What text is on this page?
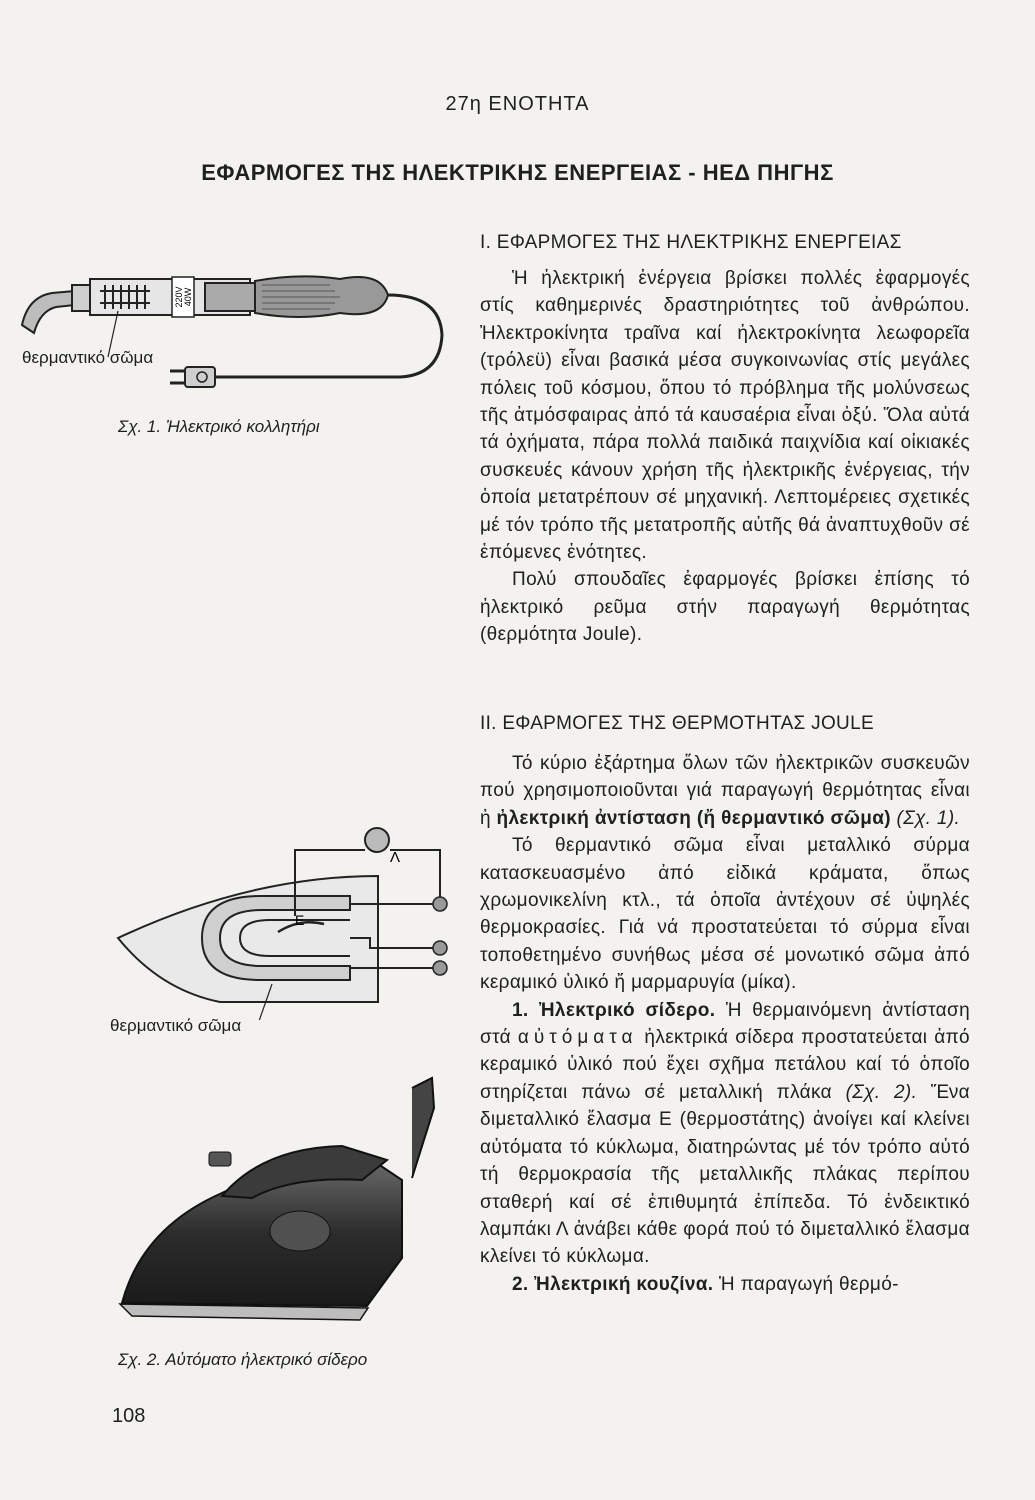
27η ΕΝΟΤΗΤΑ
ΕΦΑΡΜΟΓΕΣ ΤΗΣ ΗΛΕΚΤΡΙΚΗΣ ΕΝΕΡΓΕΙΑΣ - ΗΕΔ ΠΗΓΗΣ
220V 40W
θερμαντικό σῶμα
Σχ. 1. Ἠλεκτρικό κολλητήρι
Ι. ΕΦΑΡΜΟΓΕΣ ΤΗΣ ΗΛΕΚΤΡΙΚΗΣ ΕΝΕΡΓΕΙΑΣ

Ἡ ἠλεκτρική ἐνέργεια βρίσκει πολλές ἐφαρμογές στίς καθημερινές δραστηριότητες τοῦ ἀνθρώπου. Ἠλεκτροκίνητα τραῖνα καί ἠλεκτροκίνητα λεωφορεῖα (τρόλεϋ) εἶναι βασικά μέσα συγκοινωνίας στίς μεγάλες πόλεις τοῦ κόσμου, ὅπου τό πρόβλημα τῆς μολύνσεως τῆς ἀτμόσφαιρας ἀπό τά καυσαέρια εἶναι ὀξύ. Ὅλα αὐτά τά ὀχήματα, πάρα πολλά παιδικά παιχνίδια καί οἰκιακές συσκευές κάνουν χρήση τῆς ἠλεκτρικῆς ἐνέργειας, τήν ὁποία μετατρέπουν σέ μηχανική. Λεπτομέρειες σχετικές μέ τόν τρόπο τῆς μετατροπῆς αὐτῆς θά ἀναπτυχθοῦν σέ ἑπόμενες ἑνότητες.

Πολύ σπουδαῖες ἐφαρμογές βρίσκει ἐπίσης τό ἠλεκτρικό ρεῦμα στήν παραγωγή θερμότητας (θερμότητα Joule).

ΙΙ. ΕΦΑΡΜΟΓΕΣ ΤΗΣ ΘΕΡΜΟΤΗΤΑΣ JOULE

Τό κύριο ἐξάρτημα ὅλων τῶν ἠλεκτρικῶν συσκευῶν πού χρησιμοποιοῦνται γιά παραγωγή θερμότητας εἶναι ἡ ἠλεκτρική ἀντίσταση (ἤ θερμαντικό σῶμα) (Σχ. 1).

Τό θερμαντικό σῶμα εἶναι μεταλλικό σύρμα κατασκευασμένο ἀπό εἰδικά κράματα, ὅπως χρωμονικελίνη κτλ., τά ὁποῖα ἀντέχουν σέ ὑψηλές θερμοκρασίες. Γιά νά προστατεύεται τό σύρμα εἶναι τοποθετημένο συνήθως μέσα σέ μονωτικό σῶμα ἀπό κεραμικό ὑλικό ἤ μαρμαρυγία (μίκα).

1. Ἠλεκτρικό σίδερο. Ἡ θερμαινόμενη ἀντίσταση στά αὐτόματα ἠλεκτρικά σίδερα προστατεύεται ἀπό κεραμικό ὑλικό πού ἔχει σχῆμα πετάλου καί τό ὁποῖο στηρίζεται πάνω σέ μεταλλική πλάκα (Σχ. 2). Ἕνα διμεταλλικό ἔλασμα Ε (θερμοστάτης) ἀνοίγει καί κλείνει αὐτόματα τό κύκλωμα, διατηρώντας μέ τόν τρόπο αὐτό τή θερμοκρασία τῆς μεταλλικῆς πλάκας περίπου σταθερή καί σέ ἐπιθυμητά ἐπίπεδα. Τό ἐνδεικτικό λαμπάκι Λ ἀνάβει κάθε φορά πού τό διμεταλλικό ἔλασμα κλείνει τό κύκλωμα.

2. Ἠλεκτρική κουζίνα. Ἡ παραγωγή θερμό-

Ε
Λ
θερμαντικό σῶμα
Σχ. 2. Αὐτόματο ἠλεκτρικό σίδερο
108
